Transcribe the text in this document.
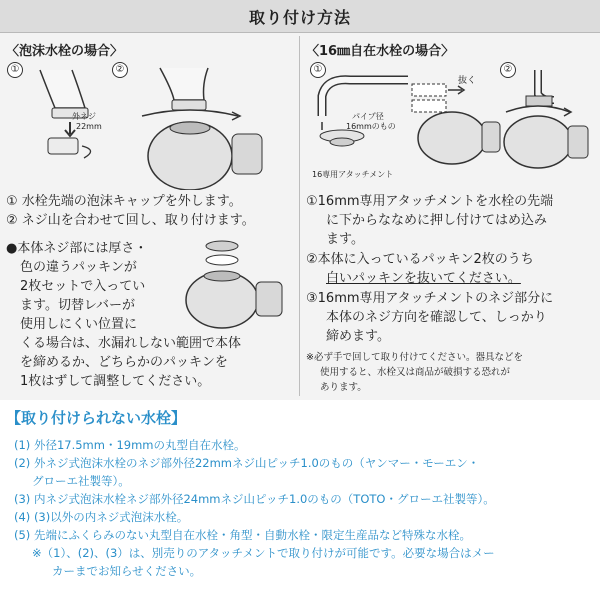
取り付け方法
〈泡沫水栓の場合〉
①	②
外ネジ
22mm
① 水栓先端の泡沫キャップを外します。
② ネジ山を合わせて回し、取り付けます。
●本体ネジ部には厚さ・
色の違うパッキンが
2枚セットで入ってい
ます。切替レバーが
使用しにくい位置に
くる場合は、水漏れしない範囲で本体
を締めるか、どちらかのパッキンを
1枚はずして調整してください。
〈16㎜自在水栓の場合〉
①	②
抜く
パイプ径
16mmのもの
16専用アタッチメント
①16mm専用アタッチメントを水栓の先端
に下からななめに押し付けてはめ込み
ます。
②本体に入っているパッキン2枚のうち
白いパッキンを抜いてください。
③16mm専用アタッチメントのネジ部分に
本体のネジ方向を確認して、しっかり
締めます。
※必ず手で回して取り付けてください。器具などを
使用すると、水栓又は商品が破損する恐れが
あります。
【取り付けられない水栓】
(1) 外径17.5mm・19mmの丸型自在水栓。
(2) 外ネジ式泡沫水栓のネジ部外径22mmネジ山ピッチ1.0のもの（ヤンマー・モーエン・
グローエ社製等）。
(3) 内ネジ式泡沫水栓ネジ部外径24mmネジ山ピッチ1.0のもの（TOTO・グローエ社製等）。
(4) (3)以外の内ネジ式泡沫水栓。
(5) 先端にふくらみのない丸型自在水栓・角型・自動水栓・限定生産品など特殊な水栓。
※（1）、(2)、(3）は、別売りのアタッチメントで取り付けが可能です。必要な場合はメー
カーまでお知らせください。
